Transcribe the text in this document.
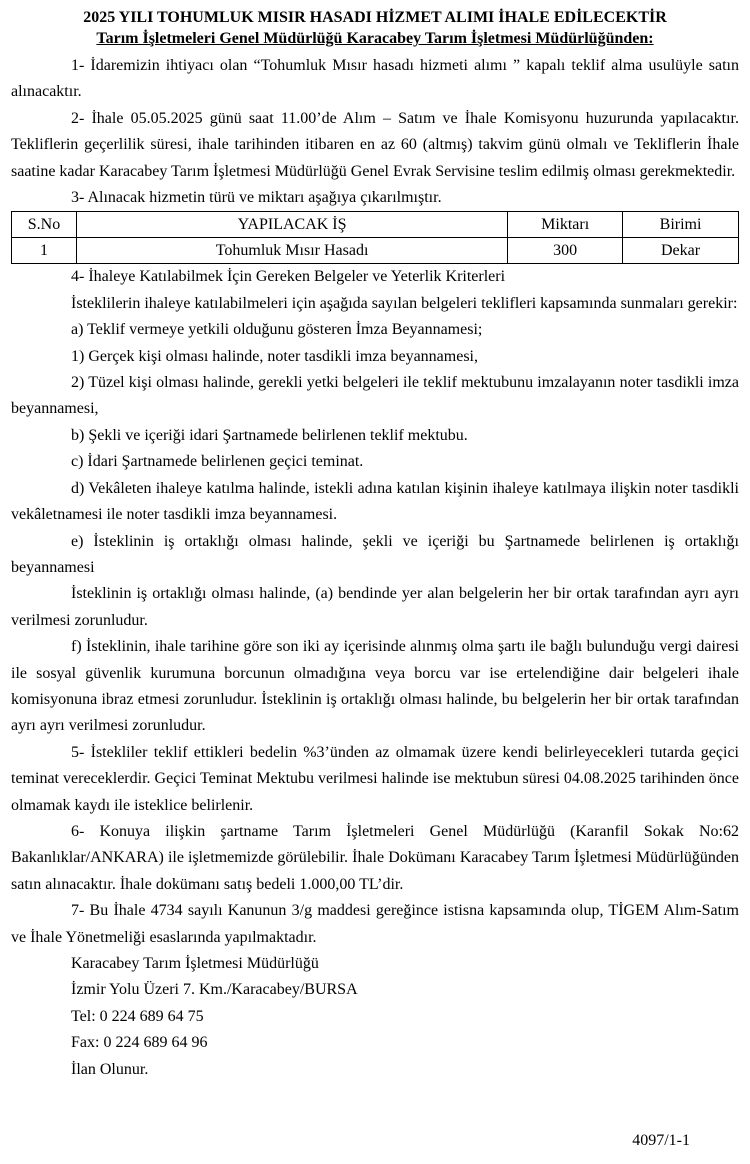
2025 YILI TOHUMLUK MISIR HASADI HİZMET ALIMI İHALE EDİLECEKTİR
Tarım İşletmeleri Genel Müdürlüğü Karacabey Tarım İşletmesi Müdürlüğünden:

1- İdaremizin ihtiyacı olan “Tohumluk Mısır hasadı hizmeti alımı ” kapalı teklif alma usulüyle satın alınacaktır.

2- İhale 05.05.2025 günü saat 11.00’de Alım – Satım ve İhale Komisyonu huzurunda yapılacaktır. Tekliflerin geçerlilik süresi, ihale tarihinden itibaren en az 60 (altmış) takvim günü olmalı ve Tekliflerin İhale saatine kadar Karacabey Tarım İşletmesi Müdürlüğü Genel Evrak Servisine teslim edilmiş olması gerekmektedir.

3- Alınacak hizmetin türü ve miktarı aşağıya çıkarılmıştır.

S.No	YAPILACAK İŞ	Miktarı	Birimi
1	Tohumluk Mısır Hasadı	300	Dekar

4- İhaleye Katılabilmek İçin Gereken Belgeler ve Yeterlik Kriterleri

İsteklilerin ihaleye katılabilmeleri için aşağıda sayılan belgeleri teklifleri kapsamında sunmaları gerekir:

a) Teklif vermeye yetkili olduğunu gösteren İmza Beyannamesi;

1) Gerçek kişi olması halinde, noter tasdikli imza beyannamesi,

2) Tüzel kişi olması halinde, gerekli yetki belgeleri ile teklif mektubunu imzalayanın noter tasdikli imza beyannamesi,

b) Şekli ve içeriği idari Şartnamede belirlenen teklif mektubu.

c) İdari Şartnamede belirlenen geçici teminat.

d) Vekâleten ihaleye katılma halinde, istekli adına katılan kişinin ihaleye katılmaya ilişkin noter tasdikli vekâletnamesi ile noter tasdikli imza beyannamesi.

e) İsteklinin iş ortaklığı olması halinde, şekli ve içeriği bu Şartnamede belirlenen iş ortaklığı beyannamesi

İsteklinin iş ortaklığı olması halinde, (a) bendinde yer alan belgelerin her bir ortak tarafından ayrı ayrı verilmesi zorunludur.

f) İsteklinin, ihale tarihine göre son iki ay içerisinde alınmış olma şartı ile bağlı bulunduğu vergi dairesi ile sosyal güvenlik kurumuna borcunun olmadığına veya borcu var ise ertelendiğine dair belgeleri ihale komisyonuna ibraz etmesi zorunludur. İsteklinin iş ortaklığı olması halinde, bu belgelerin her bir ortak tarafından ayrı ayrı verilmesi zorunludur.

5- İstekliler teklif ettikleri bedelin %3’ünden az olmamak üzere kendi belirleyecekleri tutarda geçici teminat vereceklerdir. Geçici Teminat Mektubu verilmesi halinde ise mektubun süresi 04.08.2025 tarihinden önce olmamak kaydı ile isteklice belirlenir.

6- Konuya ilişkin şartname Tarım İşletmeleri Genel Müdürlüğü (Karanfil Sokak No:62 Bakanlıklar/ANKARA) ile işletmemizde görülebilir. İhale Dokümanı Karacabey Tarım İşletmesi Müdürlüğünden satın alınacaktır. İhale dokümanı satış bedeli 1.000,00 TL’dir.

7- Bu İhale 4734 sayılı Kanunun 3/g maddesi gereğince istisna kapsamında olup, TİGEM Alım-Satım ve İhale Yönetmeliği esaslarında yapılmaktadır.

Karacabey Tarım İşletmesi Müdürlüğü
İzmir Yolu Üzeri 7. Km./Karacabey/BURSA
Tel: 0 224 689 64 75
Fax: 0 224 689 64 96
İlan Olunur.
4097/1-1
